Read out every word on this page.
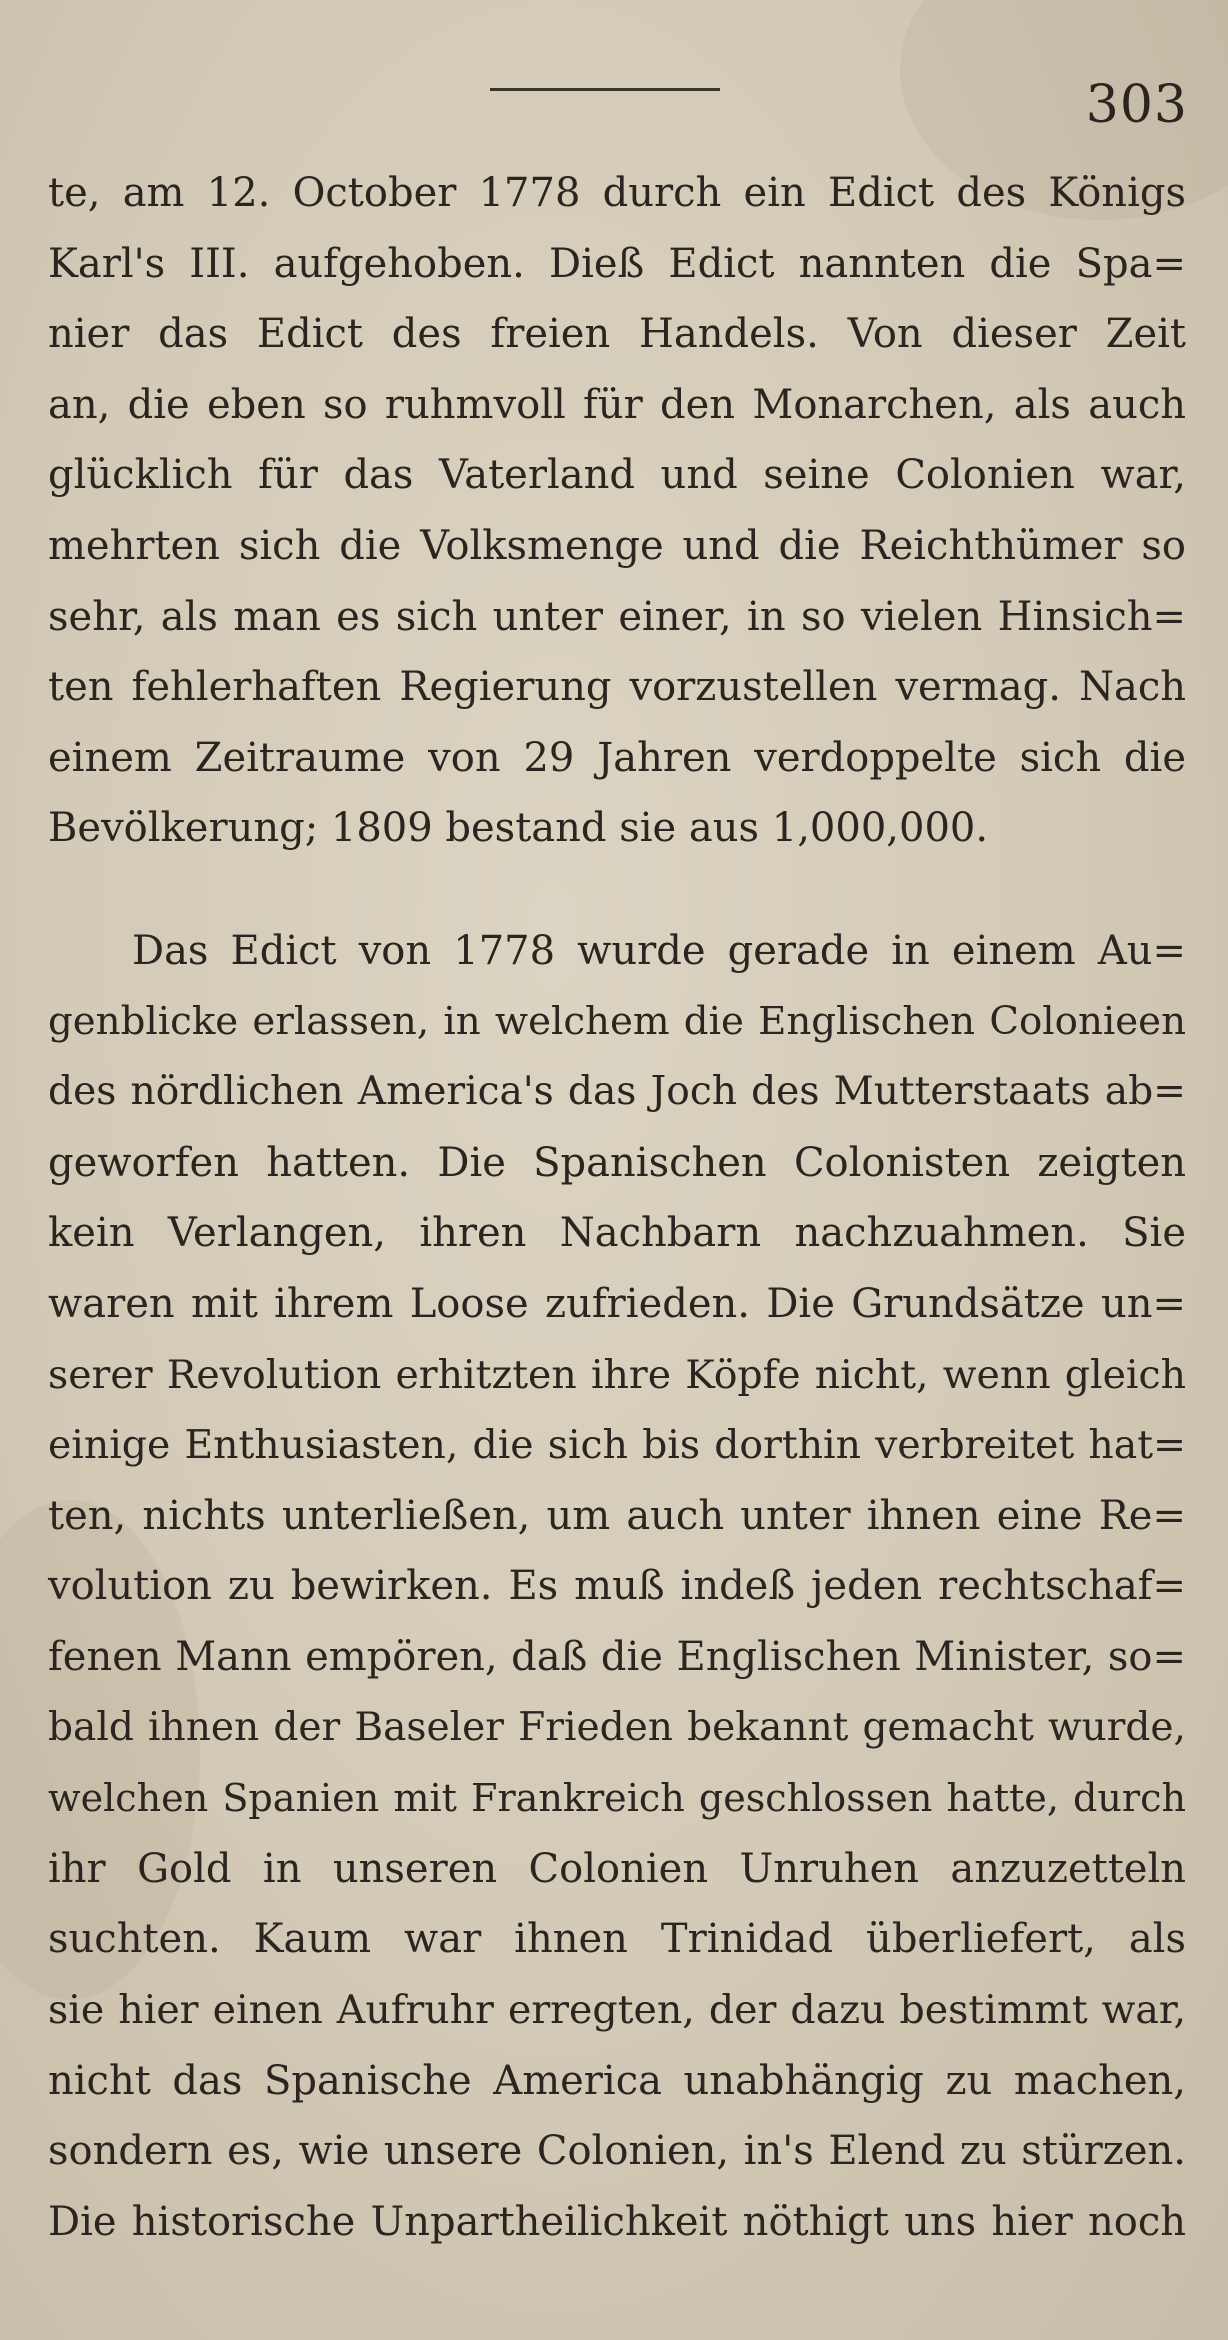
303
te, am 12. October 1778 durch ein Edict des Königs
Karl's III. aufgehoben. Dieß Edict nannten die Spa=
nier das Edict des freien Handels. Von dieser Zeit
an, die eben so ruhmvoll für den Monarchen, als auch
glücklich für das Vaterland und seine Colonien war,
mehrten sich die Volksmenge und die Reichthümer so
sehr, als man es sich unter einer, in so vielen Hinsich=
ten fehlerhaften Regierung vorzustellen vermag. Nach
einem Zeitraume von 29 Jahren verdoppelte sich die
Bevölkerung; 1809 bestand sie aus 1,000,000.
Das Edict von 1778 wurde gerade in einem Au=
genblicke erlassen, in welchem die Englischen Colonieen
des nördlichen America's das Joch des Mutterstaats ab=
geworfen hatten. Die Spanischen Colonisten zeigten
kein Verlangen, ihren Nachbarn nachzuahmen. Sie
waren mit ihrem Loose zufrieden. Die Grundsätze un=
serer Revolution erhitzten ihre Köpfe nicht, wenn gleich
einige Enthusiasten, die sich bis dorthin verbreitet hat=
ten, nichts unterließen, um auch unter ihnen eine Re=
volution zu bewirken. Es muß indeß jeden rechtschaf=
fenen Mann empören, daß die Englischen Minister, so=
bald ihnen der Baseler Frieden bekannt gemacht wurde,
welchen Spanien mit Frankreich geschlossen hatte, durch
ihr Gold in unseren Colonien Unruhen anzuzetteln
suchten. Kaum war ihnen Trinidad überliefert, als
sie hier einen Aufruhr erregten, der dazu bestimmt war,
nicht das Spanische America unabhängig zu machen,
sondern es, wie unsere Colonien, in's Elend zu stürzen.
Die historische Unpartheilichkeit nöthigt uns hier noch
